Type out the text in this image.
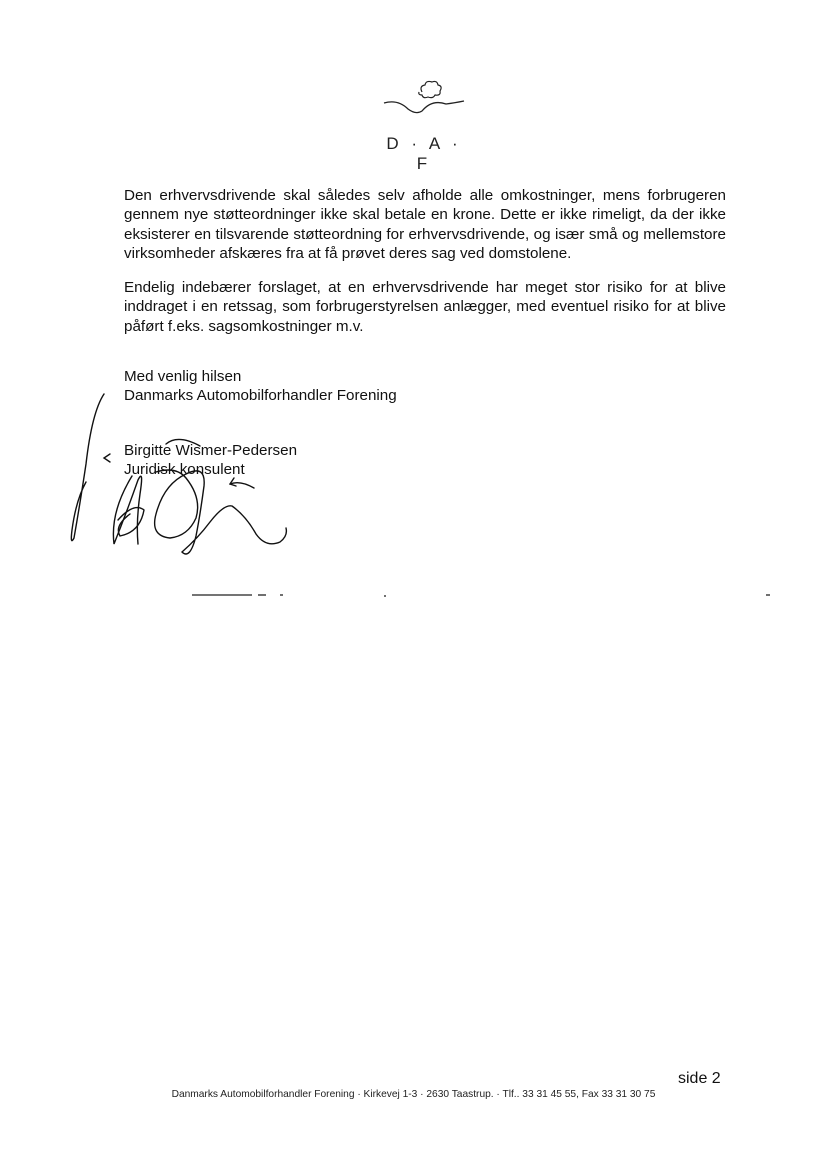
D · A · F

Den erhvervsdrivende skal således selv afholde alle omkostninger, mens forbrugeren gennem nye støtteordninger ikke skal betale en krone. Dette er ikke rimeligt, da der ikke eksisterer en tilsvarende støtteordning for erhvervsdrivende, og især små og mellemstore virksomheder afskæres fra at få prøvet deres sag ved domstolene.

Endelig indebærer forslaget, at en erhvervsdrivende har meget stor risiko for at blive inddraget i en retssag, som forbrugerstyrelsen anlægger, med eventuel risiko for at blive påført f.eks. sagsomkostninger m.v.

Med venlig hilsen
Danmarks Automobilforhandler Forening
Birgitte Wismer-Pedersen
Juridisk konsulent
side 2
Danmarks Automobilforhandler Forening · Kirkevej 1-3 · 2630 Taastrup. · Tlf.. 33 31 45 55, Fax 33 31 30 75
